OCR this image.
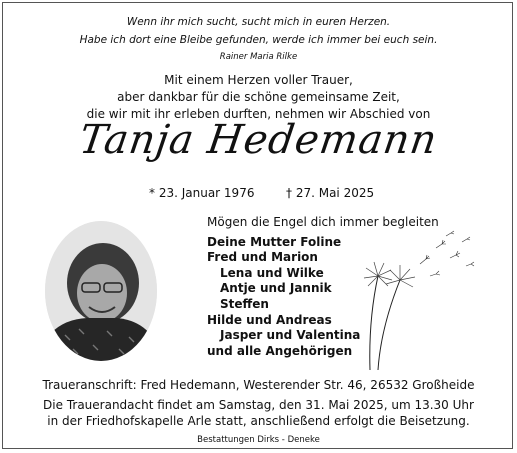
Wenn ihr mich sucht, sucht mich in euren Herzen.
Habe ich dort eine Bleibe gefunden, werde ich immer bei euch sein.
Rainer Maria Rilke
Mit einem Herzen voller Trauer,
aber dankbar für die schöne gemeinsame Zeit,
die wir mit ihr erleben durften, nehmen wir Abschied von
Tanja Hedemann
* 23. Januar 1976	† 27. Mai 2025
Mögen die Engel dich immer begleiten
Deine Mutter Foline
Fred und Marion
Lena und Wilke
Antje und Jannik
Steffen
Hilde und Andreas
Jasper und Valentina
und alle Angehörigen
Traueranschrift: Fred Hedemann, Westerender Str. 46, 26532 Großheide
Die Trauerandacht findet am Samstag, den 31. Mai 2025, um 13.30 Uhr
in der Friedhofskapelle Arle statt, anschließend erfolgt die Beisetzung.
Bestattungen Dirks - Deneke
